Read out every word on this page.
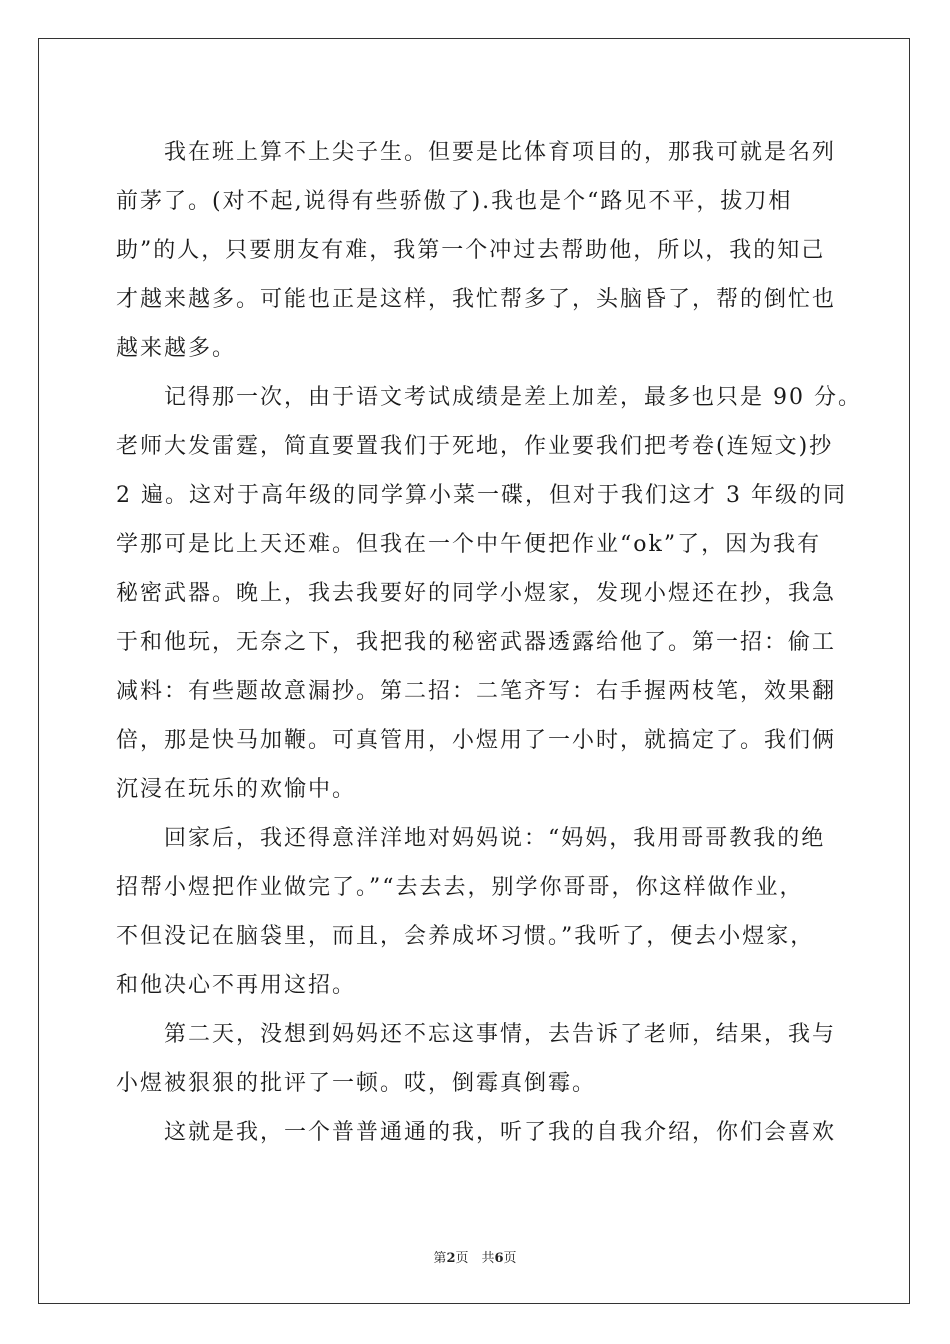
我在班上算不上尖子生。但要是比体育项目的，那我可就是名列
前茅了。(对不起,说得有些骄傲了).我也是个“路见不平，拔刀相
助”的人，只要朋友有难，我第一个冲过去帮助他，所以，我的知己
才越来越多。可能也正是这样，我忙帮多了，头脑昏了，帮的倒忙也
越来越多。
记得那一次，由于语文考试成绩是差上加差，最多也只是 90 分。
老师大发雷霆，简直要置我们于死地，作业要我们把考卷(连短文)抄
2 遍。这对于高年级的同学算小菜一碟，但对于我们这才 3 年级的同
学那可是比上天还难。但我在一个中午便把作业“ok”了，因为我有
秘密武器。晚上，我去我要好的同学小煜家，发现小煜还在抄，我急
于和他玩，无奈之下，我把我的秘密武器透露给他了。第一招：偷工
减料：有些题故意漏抄。第二招：二笔齐写：右手握两枝笔，效果翻
倍，那是快马加鞭。可真管用，小煜用了一小时，就搞定了。我们俩
沉浸在玩乐的欢愉中。
回家后，我还得意洋洋地对妈妈说：“妈妈，我用哥哥教我的绝
招帮小煜把作业做完了。”“去去去，别学你哥哥，你这样做作业，
不但没记在脑袋里，而且，会养成坏习惯。”我听了，便去小煜家，
和他决心不再用这招。
第二天，没想到妈妈还不忘这事情，去告诉了老师，结果，我与
小煜被狠狠的批评了一顿。哎，倒霉真倒霉。
这就是我，一个普普通通的我，听了我的自我介绍，你们会喜欢
第2页　共6页
